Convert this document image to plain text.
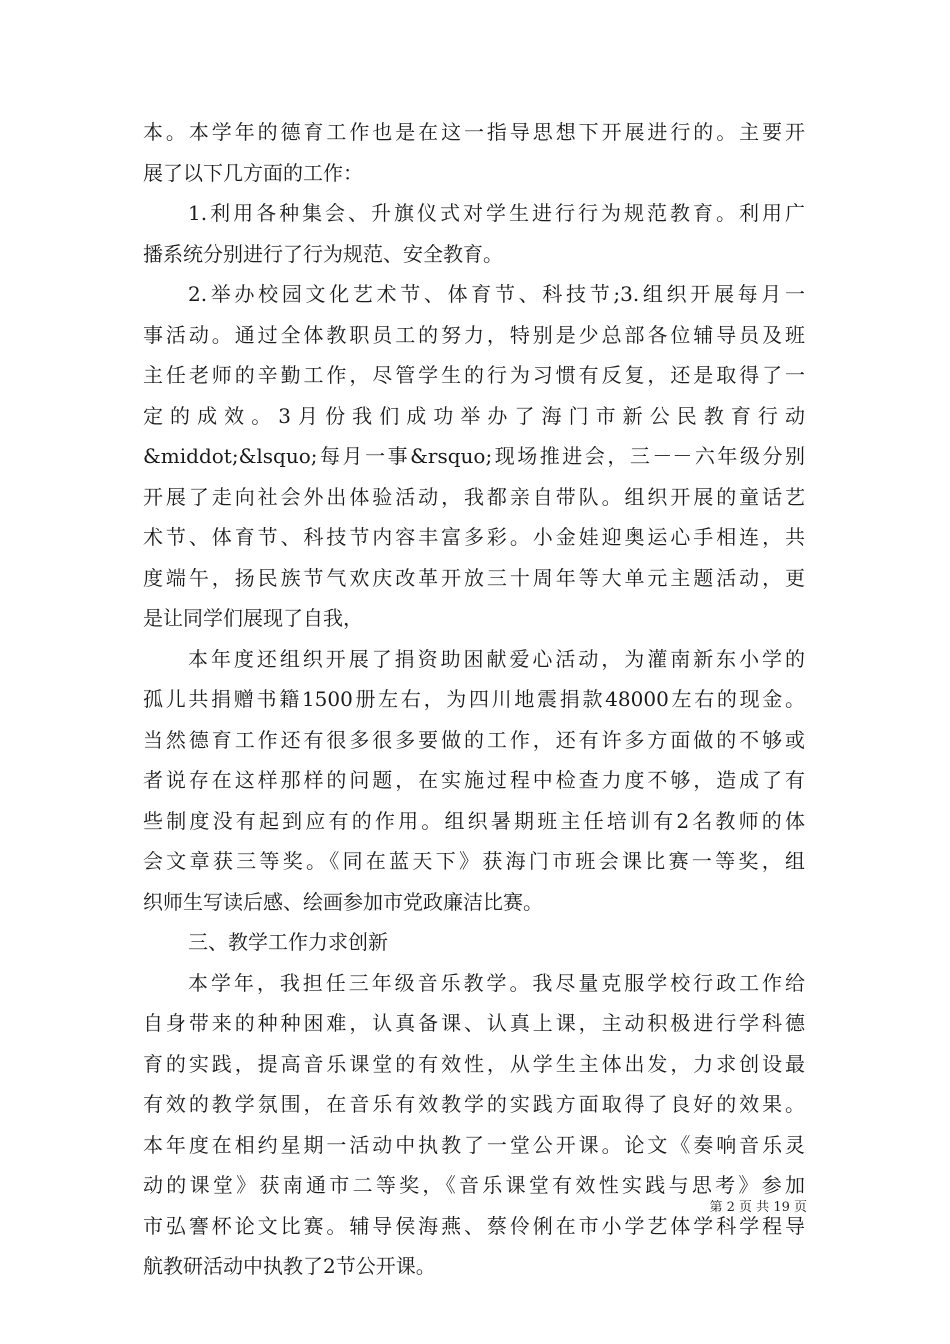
本。本学年的德育工作也是在这一指导思想下开展进行的。主要开
展了以下几方面的工作：
1.利用各种集会、升旗仪式对学生进行行为规范教育。利用广
播系统分别进行了行为规范、安全教育。
2.举办校园文化艺术节、体育节、科技节;3.组织开展每月一
事活动。通过全体教职员工的努力，特别是少总部各位辅导员及班
主任老师的辛勤工作，尽管学生的行为习惯有反复，还是取得了一
定的成效。3月份我们成功举办了海门市新公民教育行动
&middot;&lsquo;每月一事&rsquo;现场推进会，三－－六年级分别
开展了走向社会外出体验活动，我都亲自带队。组织开展的童话艺
术节、体育节、科技节内容丰富多彩。小金娃迎奥运心手相连，共
度端午，扬民族节气欢庆改革开放三十周年等大单元主题活动，更
是让同学们展现了自我，
本年度还组织开展了捐资助困献爱心活动，为灌南新东小学的
孤儿共捐赠书籍1500册左右，为四川地震捐款48000左右的现金。
当然德育工作还有很多很多要做的工作，还有许多方面做的不够或
者说存在这样那样的问题，在实施过程中检查力度不够，造成了有
些制度没有起到应有的作用。组织暑期班主任培训有2名教师的体
会文章获三等奖。《同在蓝天下》获海门市班会课比赛一等奖，组
织师生写读后感、绘画参加市党政廉洁比赛。
三、教学工作力求创新
本学年，我担任三年级音乐教学。我尽量克服学校行政工作给
自身带来的种种困难，认真备课、认真上课，主动积极进行学科德
育的实践，提高音乐课堂的有效性，从学生主体出发，力求创设最
有效的教学氛围，在音乐有效教学的实践方面取得了良好的效果。
本年度在相约星期一活动中执教了一堂公开课。论文《奏响音乐灵
动的课堂》获南通市二等奖，《音乐课堂有效性实践与思考》参加
市弘謇杯论文比赛。辅导侯海燕、蔡伶俐在市小学艺体学科学程导
航教研活动中执教了2节公开课。
第 2 页 共 19 页
